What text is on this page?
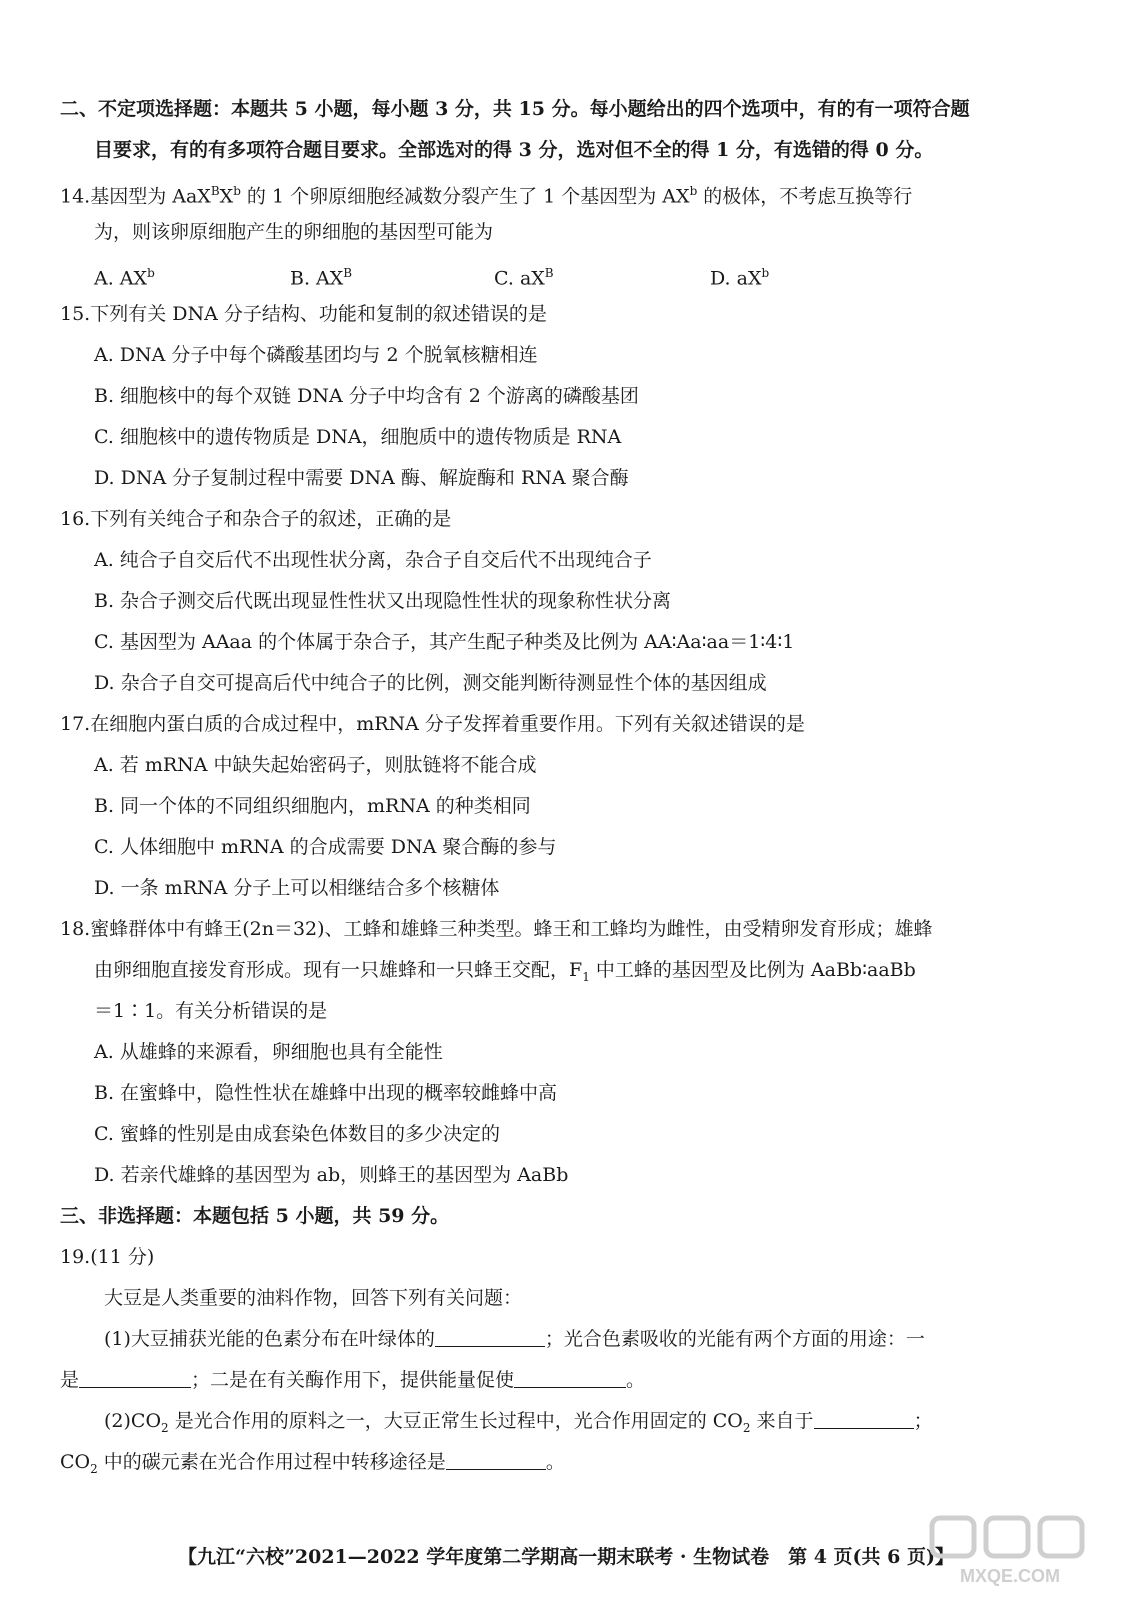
二、不定项选择题：本题共 5 小题，每小题 3 分，共 15 分。每小题给出的四个选项中，有的有一项符合题
目要求，有的有多项符合题目要求。全部选对的得 3 分，选对但不全的得 1 分，有选错的得 0 分。
14.基因型为 $AaX^BX^b$ 的 1 个卵原细胞经减数分裂产生了 1 个基因型为 $AX^b$ 的极体，不考虑互换等行
为，则该卵原细胞产生的卵细胞的基因型可能为
A. $AX^b$	B. $AX^B$	C. $aX^B$	D. $aX^b$
15.下列有关 DNA 分子结构、功能和复制的叙述错误的是
A. DNA 分子中每个磷酸基团均与 2 个脱氧核糖相连
B. 细胞核中的每个双链 DNA 分子中均含有 2 个游离的磷酸基团
C. 细胞核中的遗传物质是 DNA，细胞质中的遗传物质是 RNA
D. DNA 分子复制过程中需要 DNA 酶、解旋酶和 RNA 聚合酶
16.下列有关纯合子和杂合子的叙述，正确的是
A. 纯合子自交后代不出现性状分离，杂合子自交后代不出现纯合子
B. 杂合子测交后代既出现显性性状又出现隐性性状的现象称性状分离
C. 基因型为 AAaa 的个体属于杂合子，其产生配子种类及比例为 AA∶Aa∶aa＝1∶4∶1
D. 杂合子自交可提高后代中纯合子的比例，测交能判断待测显性个体的基因组成
17.在细胞内蛋白质的合成过程中，mRNA 分子发挥着重要作用。下列有关叙述错误的是
A. 若 mRNA 中缺失起始密码子，则肽链将不能合成
B. 同一个体的不同组织细胞内，mRNA 的种类相同
C. 人体细胞中 mRNA 的合成需要 DNA 聚合酶的参与
D. 一条 mRNA 分子上可以相继结合多个核糖体
18.蜜蜂群体中有蜂王(2n＝32)、工蜂和雄蜂三种类型。蜂王和工蜂均为雌性，由受精卵发育形成；雄蜂
由卵细胞直接发育形成。现有一只雄蜂和一只蜂王交配，$F_1$ 中工蜂的基因型及比例为 AaBb∶aaBb
＝1∶1。有关分析错误的是
A. 从雄蜂的来源看，卵细胞也具有全能性
B. 在蜜蜂中，隐性性状在雄蜂中出现的概率较雌蜂中高
C. 蜜蜂的性别是由成套染色体数目的多少决定的
D. 若亲代雄蜂的基因型为 ab，则蜂王的基因型为 AaBb
三、非选择题：本题包括 5 小题，共 59 分。
19.(11 分)
大豆是人类重要的油料作物，回答下列有关问题：
(1)大豆捕获光能的色素分布在叶绿体的	；光合色素吸收的光能有两个方面的用途：一
是	；二是在有关酶作用下，提供能量促使	。
$(2)CO_2$ 是光合作用的原料之一，大豆正常生长过程中，光合作用固定的 $CO_2$ 来自于	；
$CO_2$ 中的碳元素在光合作用过程中转移途径是	。
【九江“六校”2021—2022 学年度第二学期高一期末联考 · 生物试卷　第 4 页(共 6 页)】
MXQE.COM
